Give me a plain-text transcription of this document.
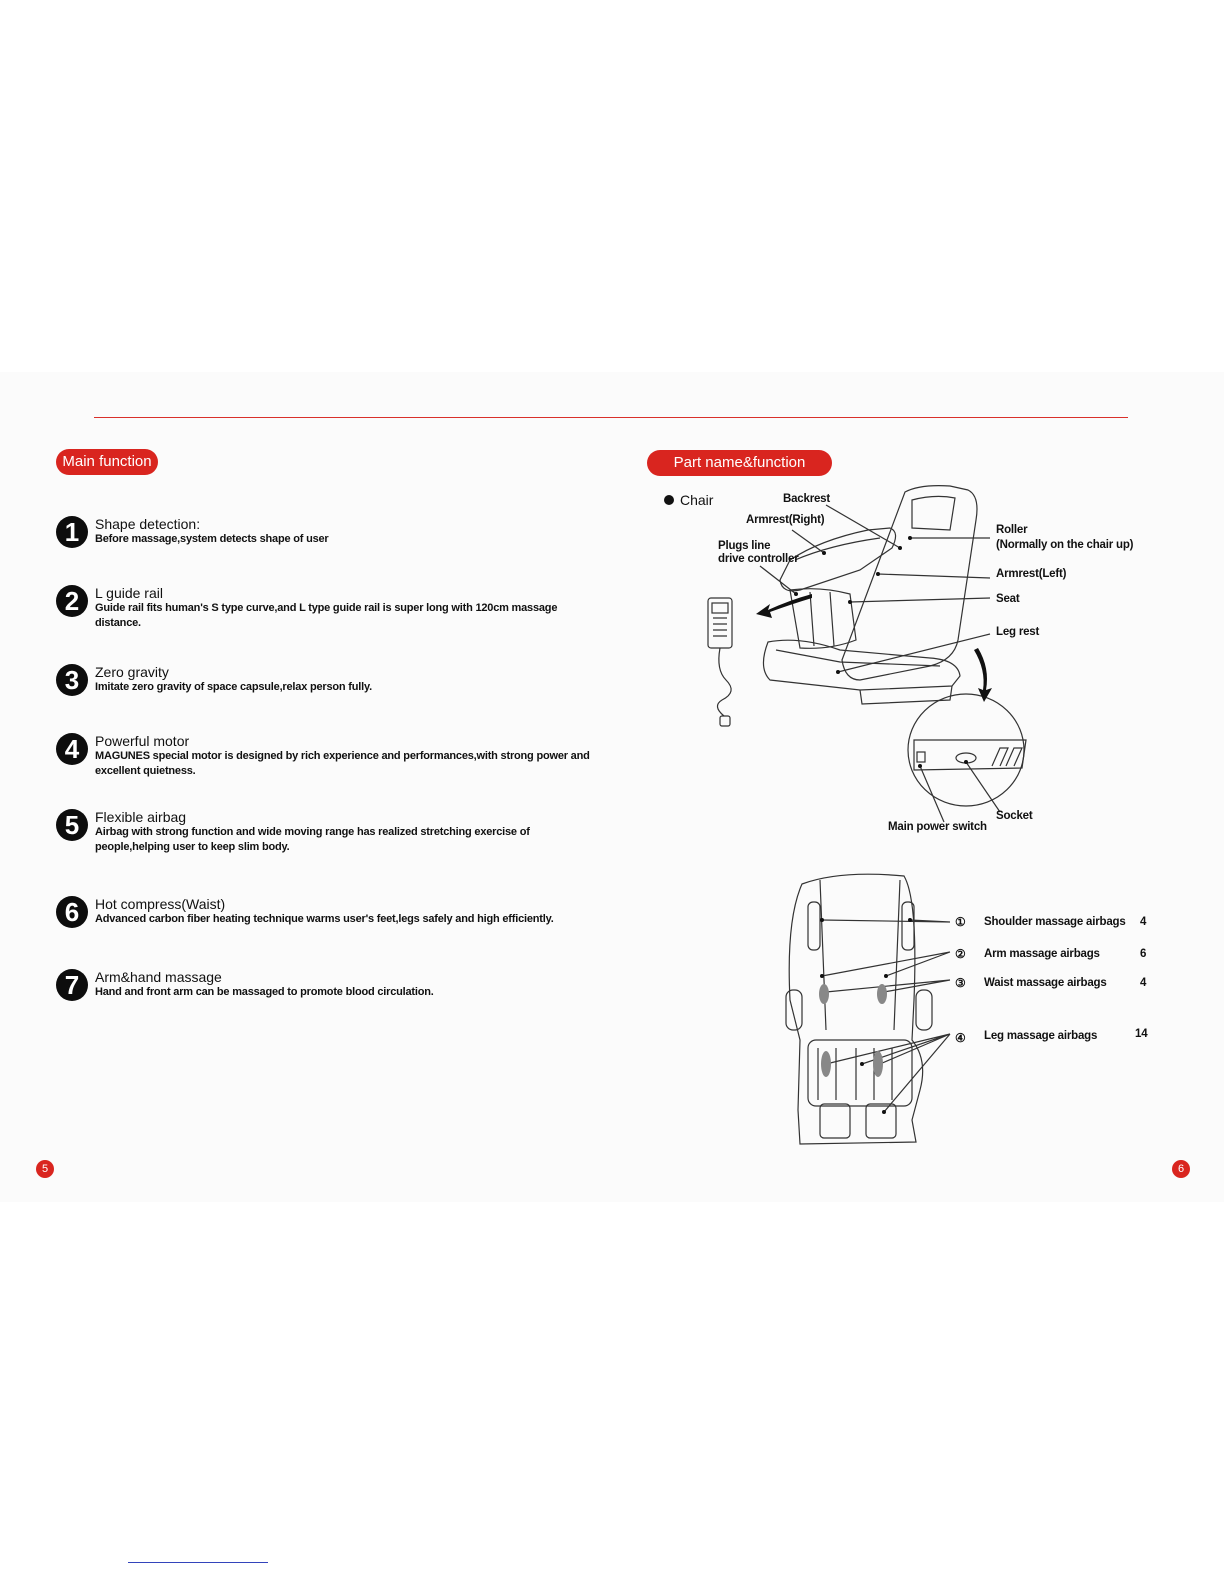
Main function
1	Shape detection:
Before massage,system detects shape of user
2	L guide rail
Guide rail fits human's S type curve,and L type guide rail is super long with 120cm massage distance.
3	Zero gravity
Imitate zero gravity of space capsule,relax person fully.
4	Powerful motor
MAGUNES special motor is designed by rich experience and performances,with strong power and excellent quietness.
5	Flexible airbag
Airbag with strong function and wide moving range has realized stretching exercise of people,helping user to keep slim body.
6	Hot compress(Waist)
Advanced carbon fiber heating technique warms user's feet,legs safely and high efficiently.
7	Arm&hand massage
Hand and front arm can be massaged to promote blood circulation.
5
Part name&function
Chair	Backrest
Armrest(Right)
Plugs line
drive controller
Roller
(Normally on the chair up)
Armrest(Left)
Seat
Leg rest
Socket
Main power switch
① Shoulder massage airbags 4
② Arm massage airbags	6
③ Waist massage airbags	4
④ Leg massage airbags	14
6
